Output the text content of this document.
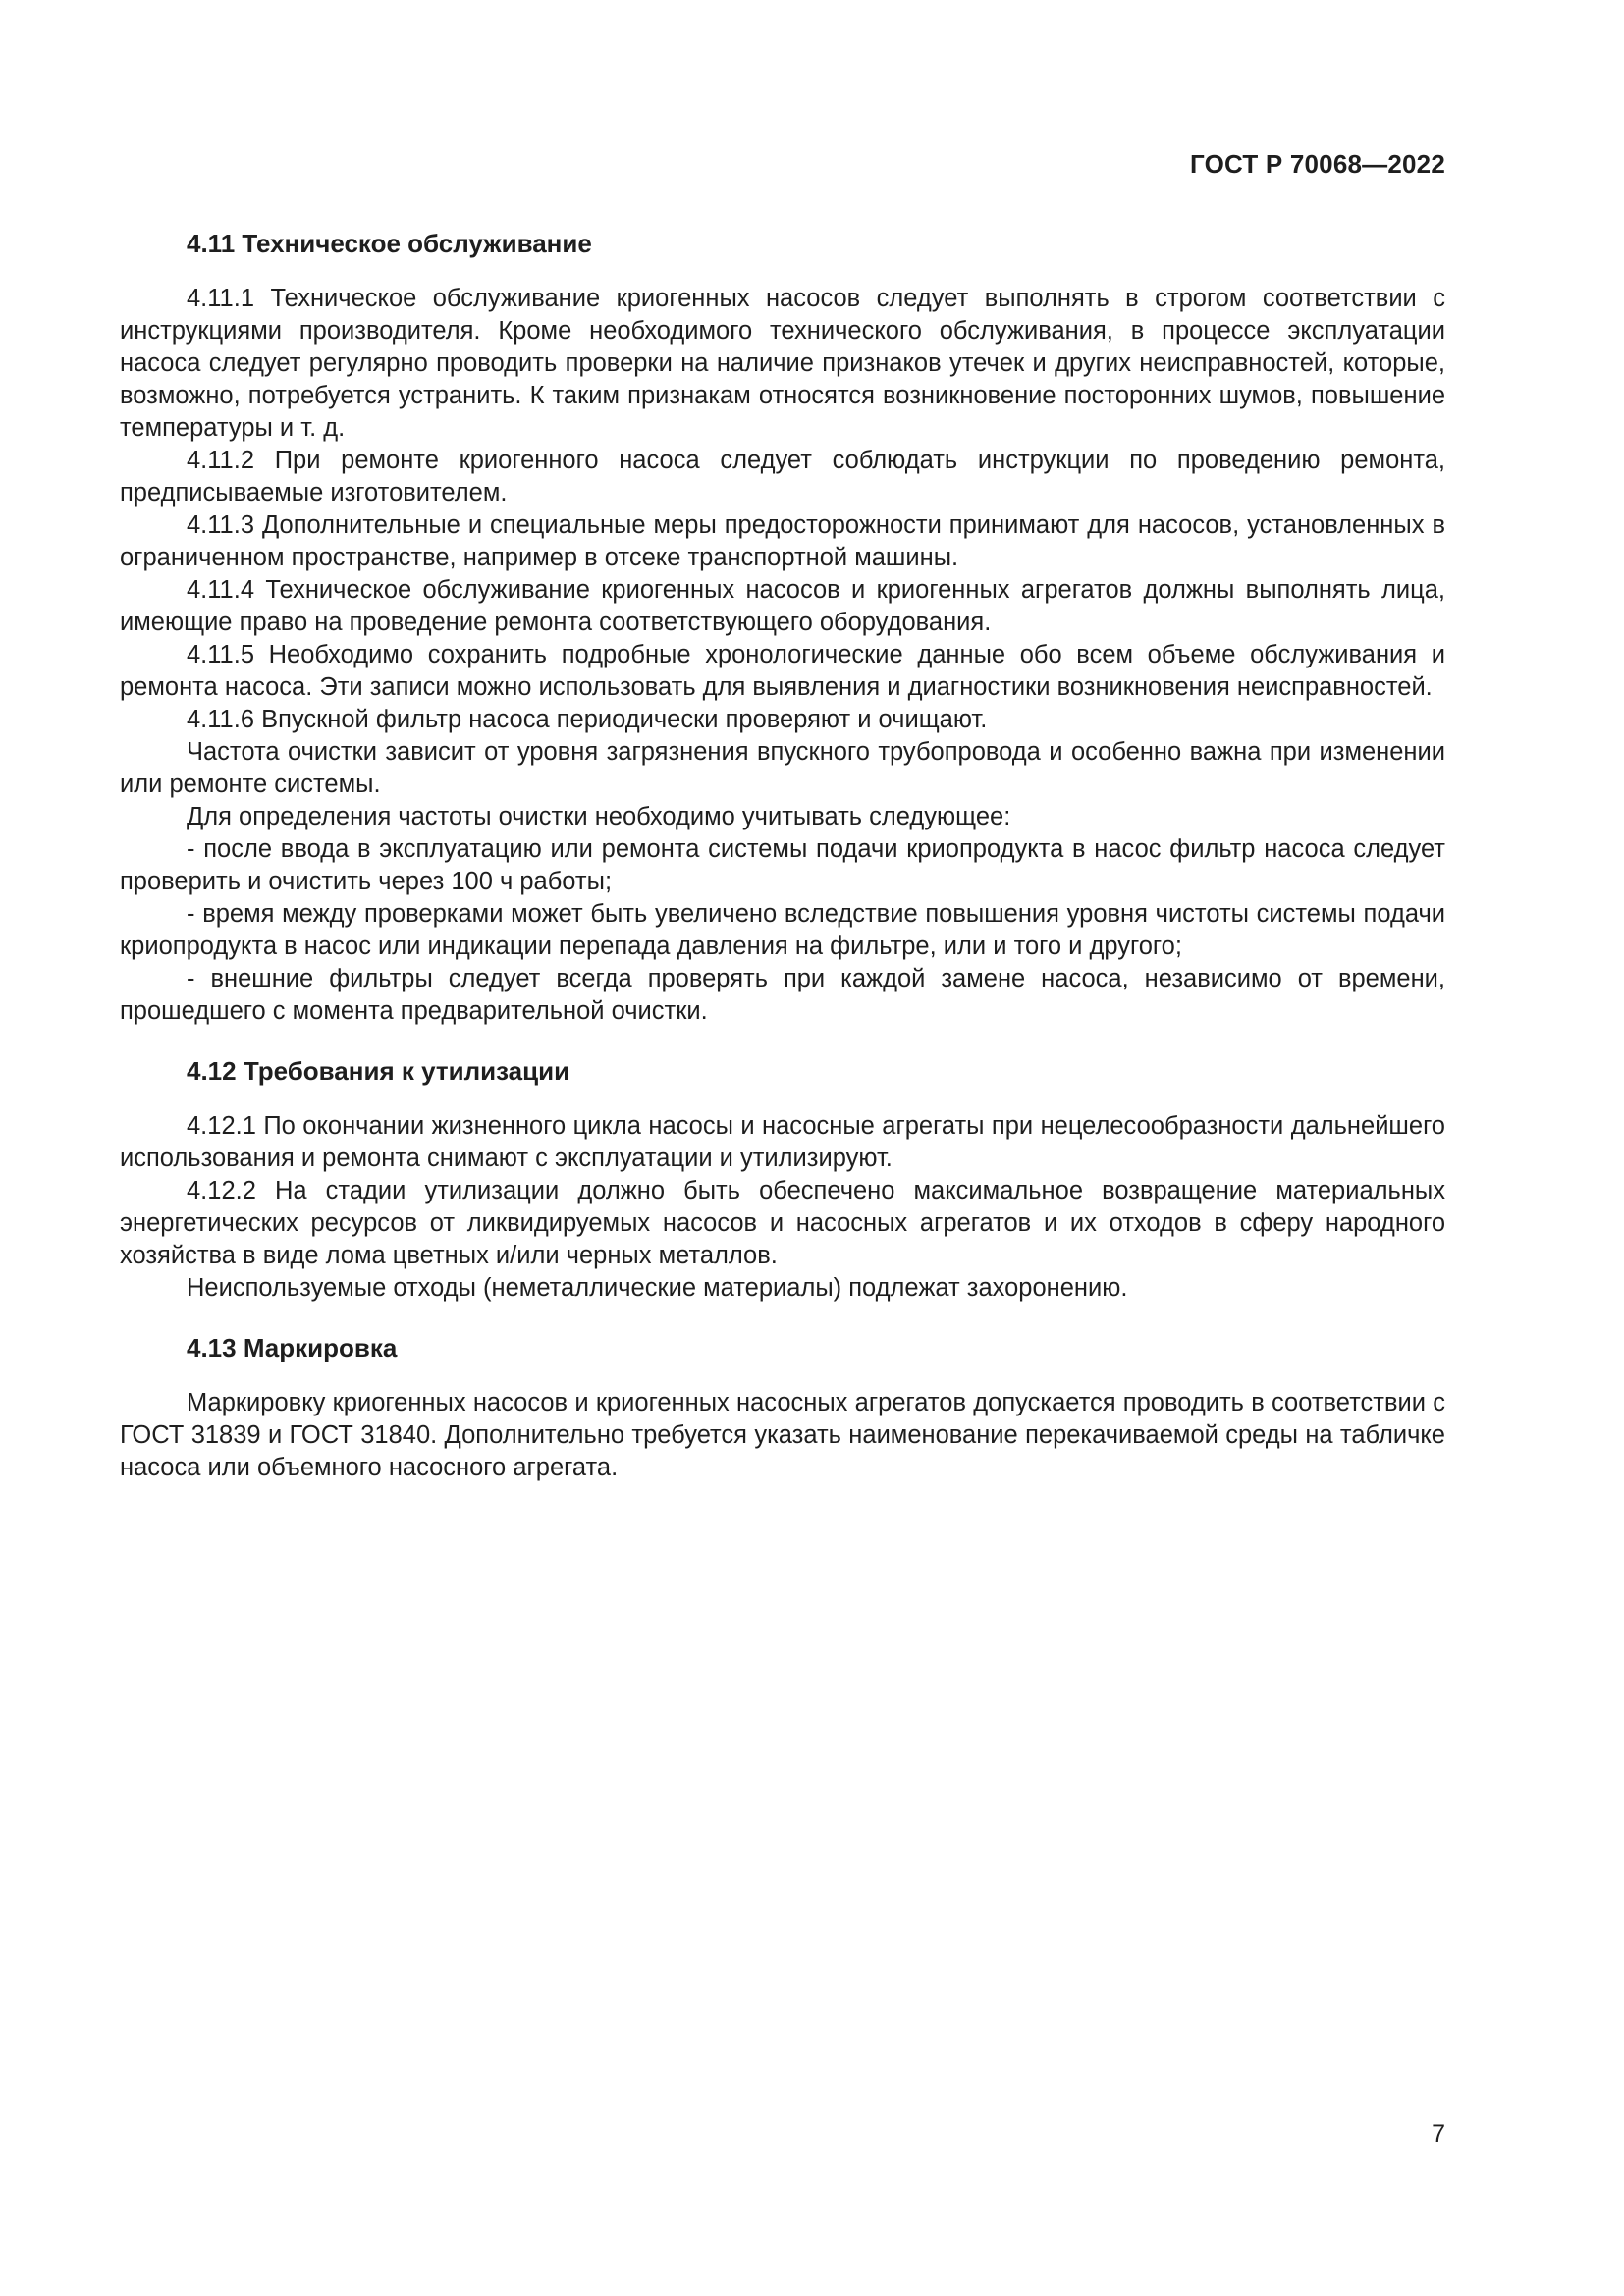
ГОСТ Р 70068—2022
4.11 Техническое обслуживание

4.11.1 Техническое обслуживание криогенных насосов следует выполнять в строгом соответствии с инструкциями производителя. Кроме необходимого технического обслуживания, в процессе эксплуатации насоса следует регулярно проводить проверки на наличие признаков утечек и других неисправностей, которые, возможно, потребуется устранить. К таким признакам относятся возникновение посторонних шумов, повышение температуры и т. д.

4.11.2 При ремонте криогенного насоса следует соблюдать инструкции по проведению ремонта, предписываемые изготовителем.

4.11.3 Дополнительные и специальные меры предосторожности принимают для насосов, установленных в ограниченном пространстве, например в отсеке транспортной машины.

4.11.4 Техническое обслуживание криогенных насосов и криогенных агрегатов должны выполнять лица, имеющие право на проведение ремонта соответствующего оборудования.

4.11.5 Необходимо сохранить подробные хронологические данные обо всем объеме обслуживания и ремонта насоса. Эти записи можно использовать для выявления и диагностики возникновения неисправностей.

4.11.6 Впускной фильтр насоса периодически проверяют и очищают.

Частота очистки зависит от уровня загрязнения впускного трубопровода и особенно важна при изменении или ремонте системы.

Для определения частоты очистки необходимо учитывать следующее:

- после ввода в эксплуатацию или ремонта системы подачи криопродукта в насос фильтр насоса следует проверить и очистить через 100 ч работы;

- время между проверками может быть увеличено вследствие повышения уровня чистоты системы подачи криопродукта в насос или индикации перепада давления на фильтре, или и того и другого;

- внешние фильтры следует всегда проверять при каждой замене насоса, независимо от времени, прошедшего с момента предварительной очистки.

4.12 Требования к утилизации

4.12.1 По окончании жизненного цикла насосы и насосные агрегаты при нецелесообразности дальнейшего использования и ремонта снимают с эксплуатации и утилизируют.

4.12.2 На стадии утилизации должно быть обеспечено максимальное возвращение материальных энергетических ресурсов от ликвидируемых насосов и насосных агрегатов и их отходов в сферу народного хозяйства в виде лома цветных и/или черных металлов.

Неиспользуемые отходы (неметаллические материалы) подлежат захоронению.

4.13 Маркировка

Маркировку криогенных насосов и криогенных насосных агрегатов допускается проводить в соответствии с ГОСТ 31839 и ГОСТ 31840. Дополнительно требуется указать наименование перекачиваемой среды на табличке насоса или объемного насосного агрегата.

7
